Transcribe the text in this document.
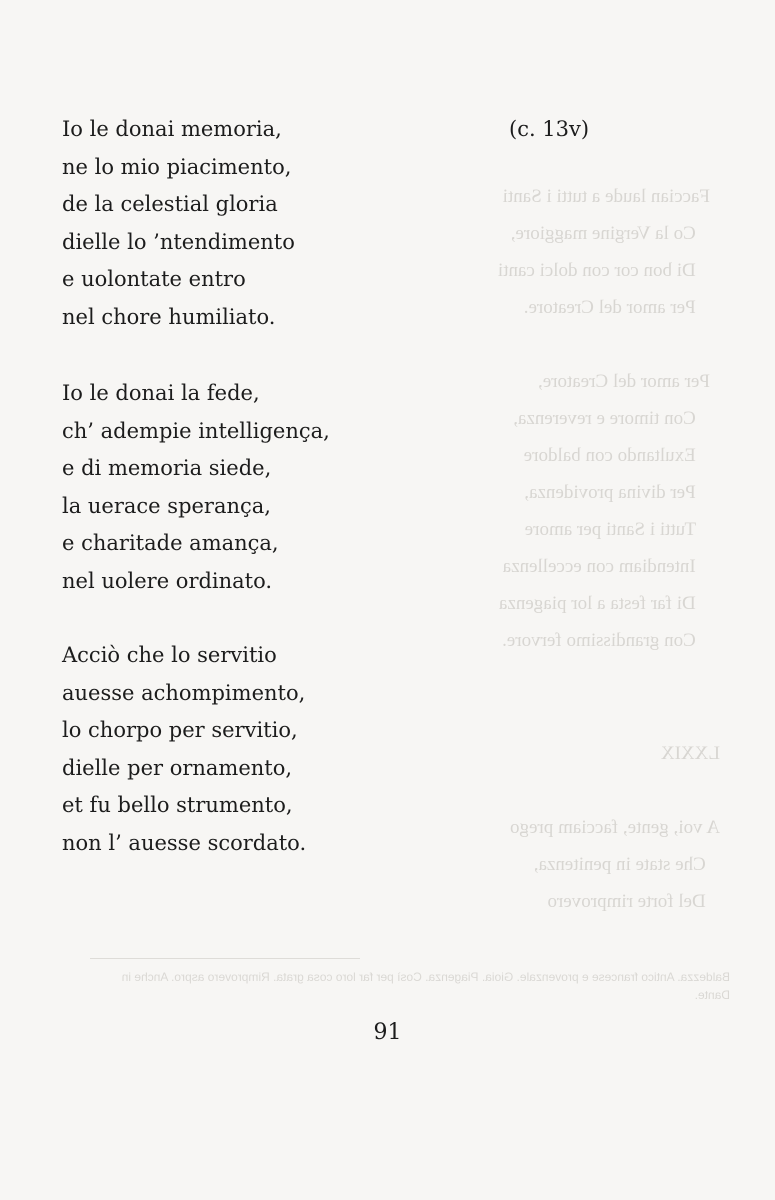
Faccian laude a tutti i Santi
Co la Vergine maggiore,
Di bon cor con dolci canti
Per amor del Creatore.

Per amor del Creatore,
Con timore e reverenza,
Exultando con baldore
Per divina providenza,
Tutti i Santi per amore
Intendiam con eccellenza
Di far festa a lor piagenza
Con grandissimo fervore.
LXXIX

A voi, gente, facciam prego
Che state in penitenza,
Del forte rimprovero
Baldezza. Antico francese e provenzale. Gioia. Piagenza. Così per far loro cosa grata. Rimprovero aspro. Anche in Dante.
(c. 13v)
Io le donai memoria,
ne lo mio piacimento,
de la celestial gloria
dielle lo ’ntendimento
e uolontate entro
nel chore humiliato.
Io le donai la fede,
ch’ adempie intelligença,
e di memoria siede,
la uerace sperança,
e charitade amança,
nel uolere ordinato.
Acciò che lo servitio
auesse achompimento,
lo chorpo per servitio,
dielle per ornamento,
et fu bello strumento,
non l’ auesse scordato.
91
